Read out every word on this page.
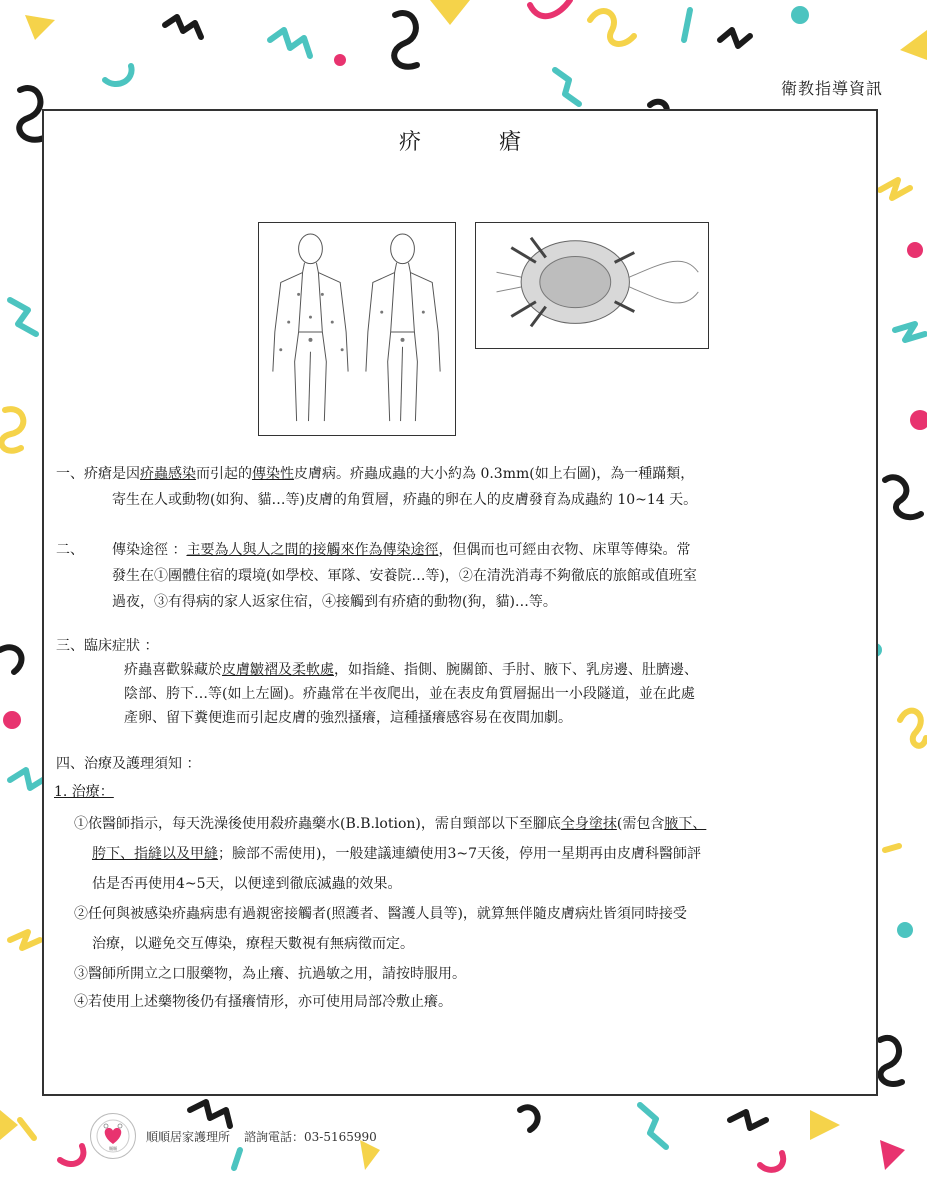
衛教指導資訊
疥瘡
一、疥瘡是因疥蟲感染而引起的傳染性皮膚病。疥蟲成蟲的大小約為 0.3mm(如上右圖)，為一種蹣類，
寄生在人或動物(如狗、貓…等)皮膚的角質層，疥蟲的卵在人的皮膚發育為成蟲約 10~14 天。
二、 傳染途徑 ：主要為人與人之間的接觸來作為傳染途徑，但偶而也可經由衣物、床單等傳染。常
發生在①團體住宿的環境(如學校、軍隊、安養院…等)，②在清洗消毒不夠徹底的旅館或值班室
過夜，③有得病的家人返家住宿，④接觸到有疥瘡的動物(狗，貓)…等。
三、臨床症狀 ：
疥蟲喜歡躲藏於皮膚皺褶及柔軟處，如指縫、指側、腕關節、手肘、腋下、乳房邊、肚臍邊、
陰部、胯下…等(如上左圖)。疥蟲常在半夜爬出，並在表皮角質層掘出一小段隧道，並在此處
產卵、留下糞便進而引起皮膚的強烈搔癢，這種搔癢感容易在夜間加劇。
四、治療及護理須知 ：
1. 治療：
①依醫師指示，每天洗澡後使用殺疥蟲藥水(B.B.lotion)，需自頸部以下至腳底全身塗抹(需包含腋下、
胯下、指縫以及甲縫；臉部不需使用)，一般建議連續使用3~7天後，停用一星期再由皮膚科醫師評
估是否再使用4~5天，以便達到徹底滅蟲的效果。
②任何與被感染疥蟲病患有過親密接觸者(照護者、醫護人員等)，就算無伴隨皮膚病灶皆須同時接受
治療，以避免交互傳染，療程天數視有無病徵而定。
③醫師所開立之口服藥物，為止癢、抗過敏之用，請按時服用。
④若使用上述藥物後仍有搔癢情形，亦可使用局部冷敷止癢。
順順
順順居家護理所 諮詢電話：03-5165990
